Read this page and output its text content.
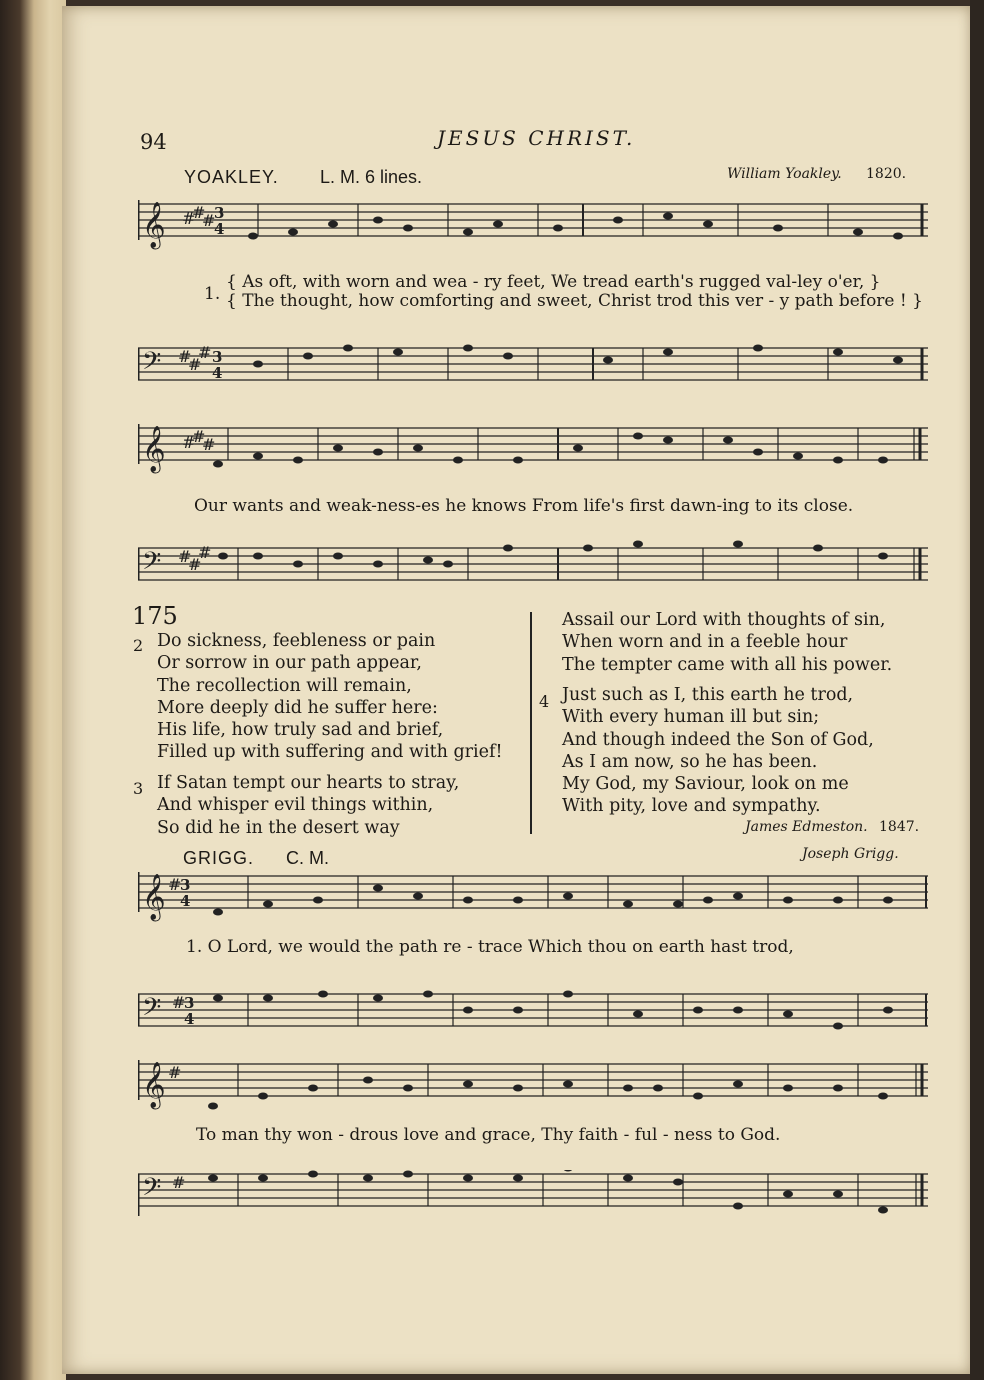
94	JESUS CHRIST.
YOAKLEY. L. M. 6 lines.	William Yoakley. 1820.
𝄞 #
#
#
3
4
1.
{ As oft, with worn and wea - ry feet, We tread earth's rugged val-ley o'er, }
{ The thought, how comforting and sweet, Christ trod this ver - y path before ! }
𝄢 #
#
# 3
4
𝄞 #
#
#
Our wants and weak-ness-es he knows From life's first dawn-ing to its close.
𝄢 #
#
#
175
2 Do sickness, feebleness or pain
Or sorrow in our path appear,
The recollection will remain,
More deeply did he suffer here:
His life, how truly sad and brief,
Filled up with suffering and with grief!
3 If Satan tempt our hearts to stray,
And whisper evil things within,
So did he in the desert way
Assail our Lord with thoughts of sin,
When worn and in a feeble hour
The tempter came with all his power.
4 Just such as I, this earth he trod,
With every human ill but sin;
And though indeed the Son of God,
As I am now, so he has been.
My God, my Saviour, look on me
With pity, love and sympathy.
James Edmeston. 1847.
GRIGG. C. M.	Joseph Grigg.
𝄞 #
3
4
1. O Lord, we would the path re - trace Which thou on earth hast trod,
𝄢 #
3
4
𝄞 #
To man thy won - drous love and grace, Thy faith - ful - ness to God.
𝄢 #
